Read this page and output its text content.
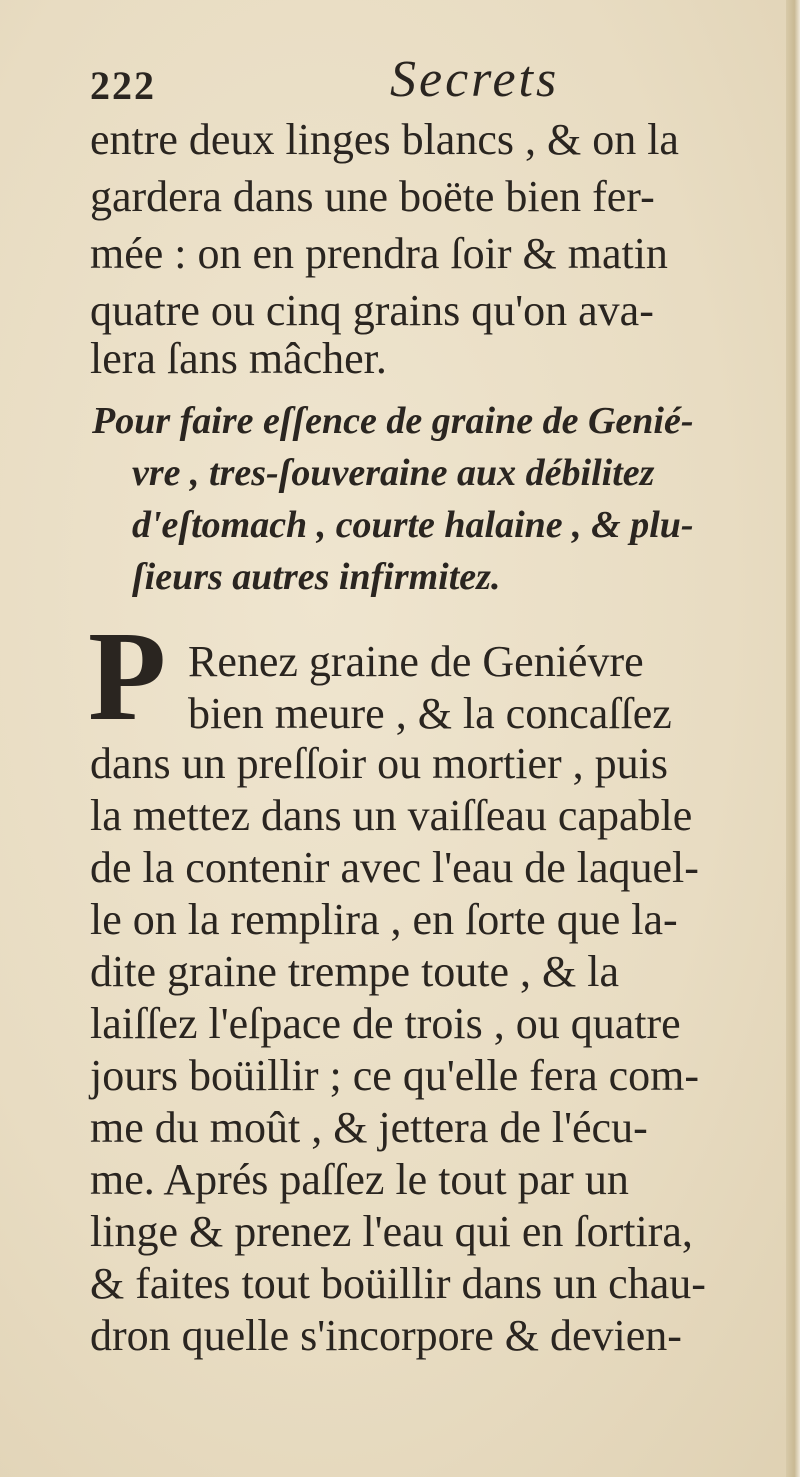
222	Secrets
entre deux linges blancs , & on la
gardera dans une boëte bien fer-
mée : on en prendra ſoir & matin
quatre ou cinq grains qu'on ava-
lera ſans mâcher.
Pour faire eſſence de graine de Genié-
vre , tres-ſouveraine aux débilitez
d'eſtomach , courte halaine , & plu-
ſieurs autres infirmitez.
P Renez graine de Geniévre
bien meure , & la concaſſez
dans un preſſoir ou mortier , puis
la mettez dans un vaiſſeau capable
de la contenir avec l'eau de laquel-
le on la remplira , en ſorte que la-
dite graine trempe toute , & la
laiſſez l'eſpace de trois , ou quatre
jours boüillir ; ce qu'elle fera com-
me du moût , & jettera de l'écu-
me. Aprés paſſez le tout par un
linge & prenez l'eau qui en ſortira,
& faites tout boüillir dans un chau-
dron quelle s'incorpore & devien-
